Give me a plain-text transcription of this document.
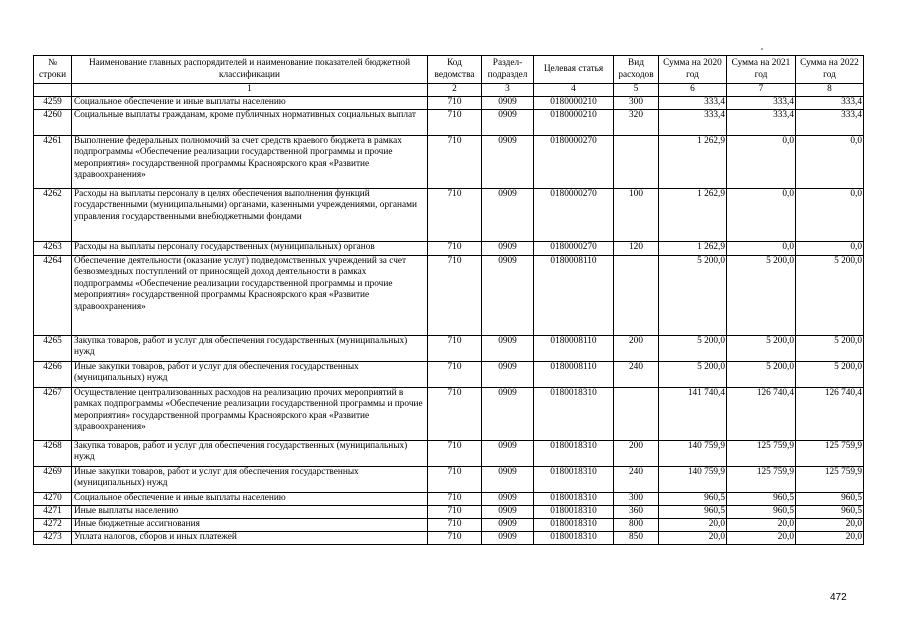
№ строки	Наименование главных распорядителей и наименование показателей бюджетной классификации	Код ведомства	Раздел-подраздел	Целевая статья	Вид расходов	Сумма на 2020 год	Сумма на 2021 год	Сумма на 2022 год
	1	2	3	4	5	6	7	8
4259	Социальное обеспечение и иные выплаты населению	710	0909	0180000210	300	333,4	333,4	333,4
4260	Социальные выплаты гражданам, кроме публичных нормативных социальных выплат	710	0909	0180000210	320	333,4	333,4	333,4
4261	Выполнение федеральных полномочий за счет средств краевого бюджета в рамках подпрограммы «Обеспечение реализации государственной программы и прочие мероприятия» государственной программы Красноярского края «Развитие здравоохранения»	710	0909	0180000270		1 262,9	0,0	0,0
4262	Расходы на выплаты персоналу в целях обеспечения выполнения функций государственными (муниципальными) органами, казенными учреждениями, органами управления государственными внебюджетными фондами	710	0909	0180000270	100	1 262,9	0,0	0,0
4263	Расходы на выплаты персоналу государственных (муниципальных) органов	710	0909	0180000270	120	1 262,9	0,0	0,0
4264	Обеспечение деятельности (оказание услуг) подведомственных учреждений за счет безвозмездных поступлений от приносящей доход деятельности в рамках подпрограммы «Обеспечение реализации государственной программы и прочие мероприятия» государственной программы Красноярского края «Развитие здравоохранения»	710	0909	0180008110		5 200,0	5 200,0	5 200,0
4265	Закупка товаров, работ и услуг для обеспечения государственных (муниципальных) нужд	710	0909	0180008110	200	5 200,0	5 200,0	5 200,0
4266	Иные закупки товаров, работ и услуг для обеспечения государственных (муниципальных) нужд	710	0909	0180008110	240	5 200,0	5 200,0	5 200,0
4267	Осуществление централизованных расходов на реализацию прочих мероприятий в рамках подпрограммы «Обеспечение реализации государственной программы и прочие мероприятия» государственной программы Красноярского края «Развитие здравоохранения»	710	0909	0180018310		141 740,4	126 740,4	126 740,4
4268	Закупка товаров, работ и услуг для обеспечения государственных (муниципальных) нужд	710	0909	0180018310	200	140 759,9	125 759,9	125 759,9
4269	Иные закупки товаров, работ и услуг для обеспечения государственных (муниципальных) нужд	710	0909	0180018310	240	140 759,9	125 759,9	125 759,9
4270	Социальное обеспечение и иные выплаты населению	710	0909	0180018310	300	960,5	960,5	960,5
4271	Иные выплаты населению	710	0909	0180018310	360	960,5	960,5	960,5
4272	Иные бюджетные ассигнования	710	0909	0180018310	800	20,0	20,0	20,0
4273	Уплата налогов, сборов и иных платежей	710	0909	0180018310	850	20,0	20,0	20,0
472
